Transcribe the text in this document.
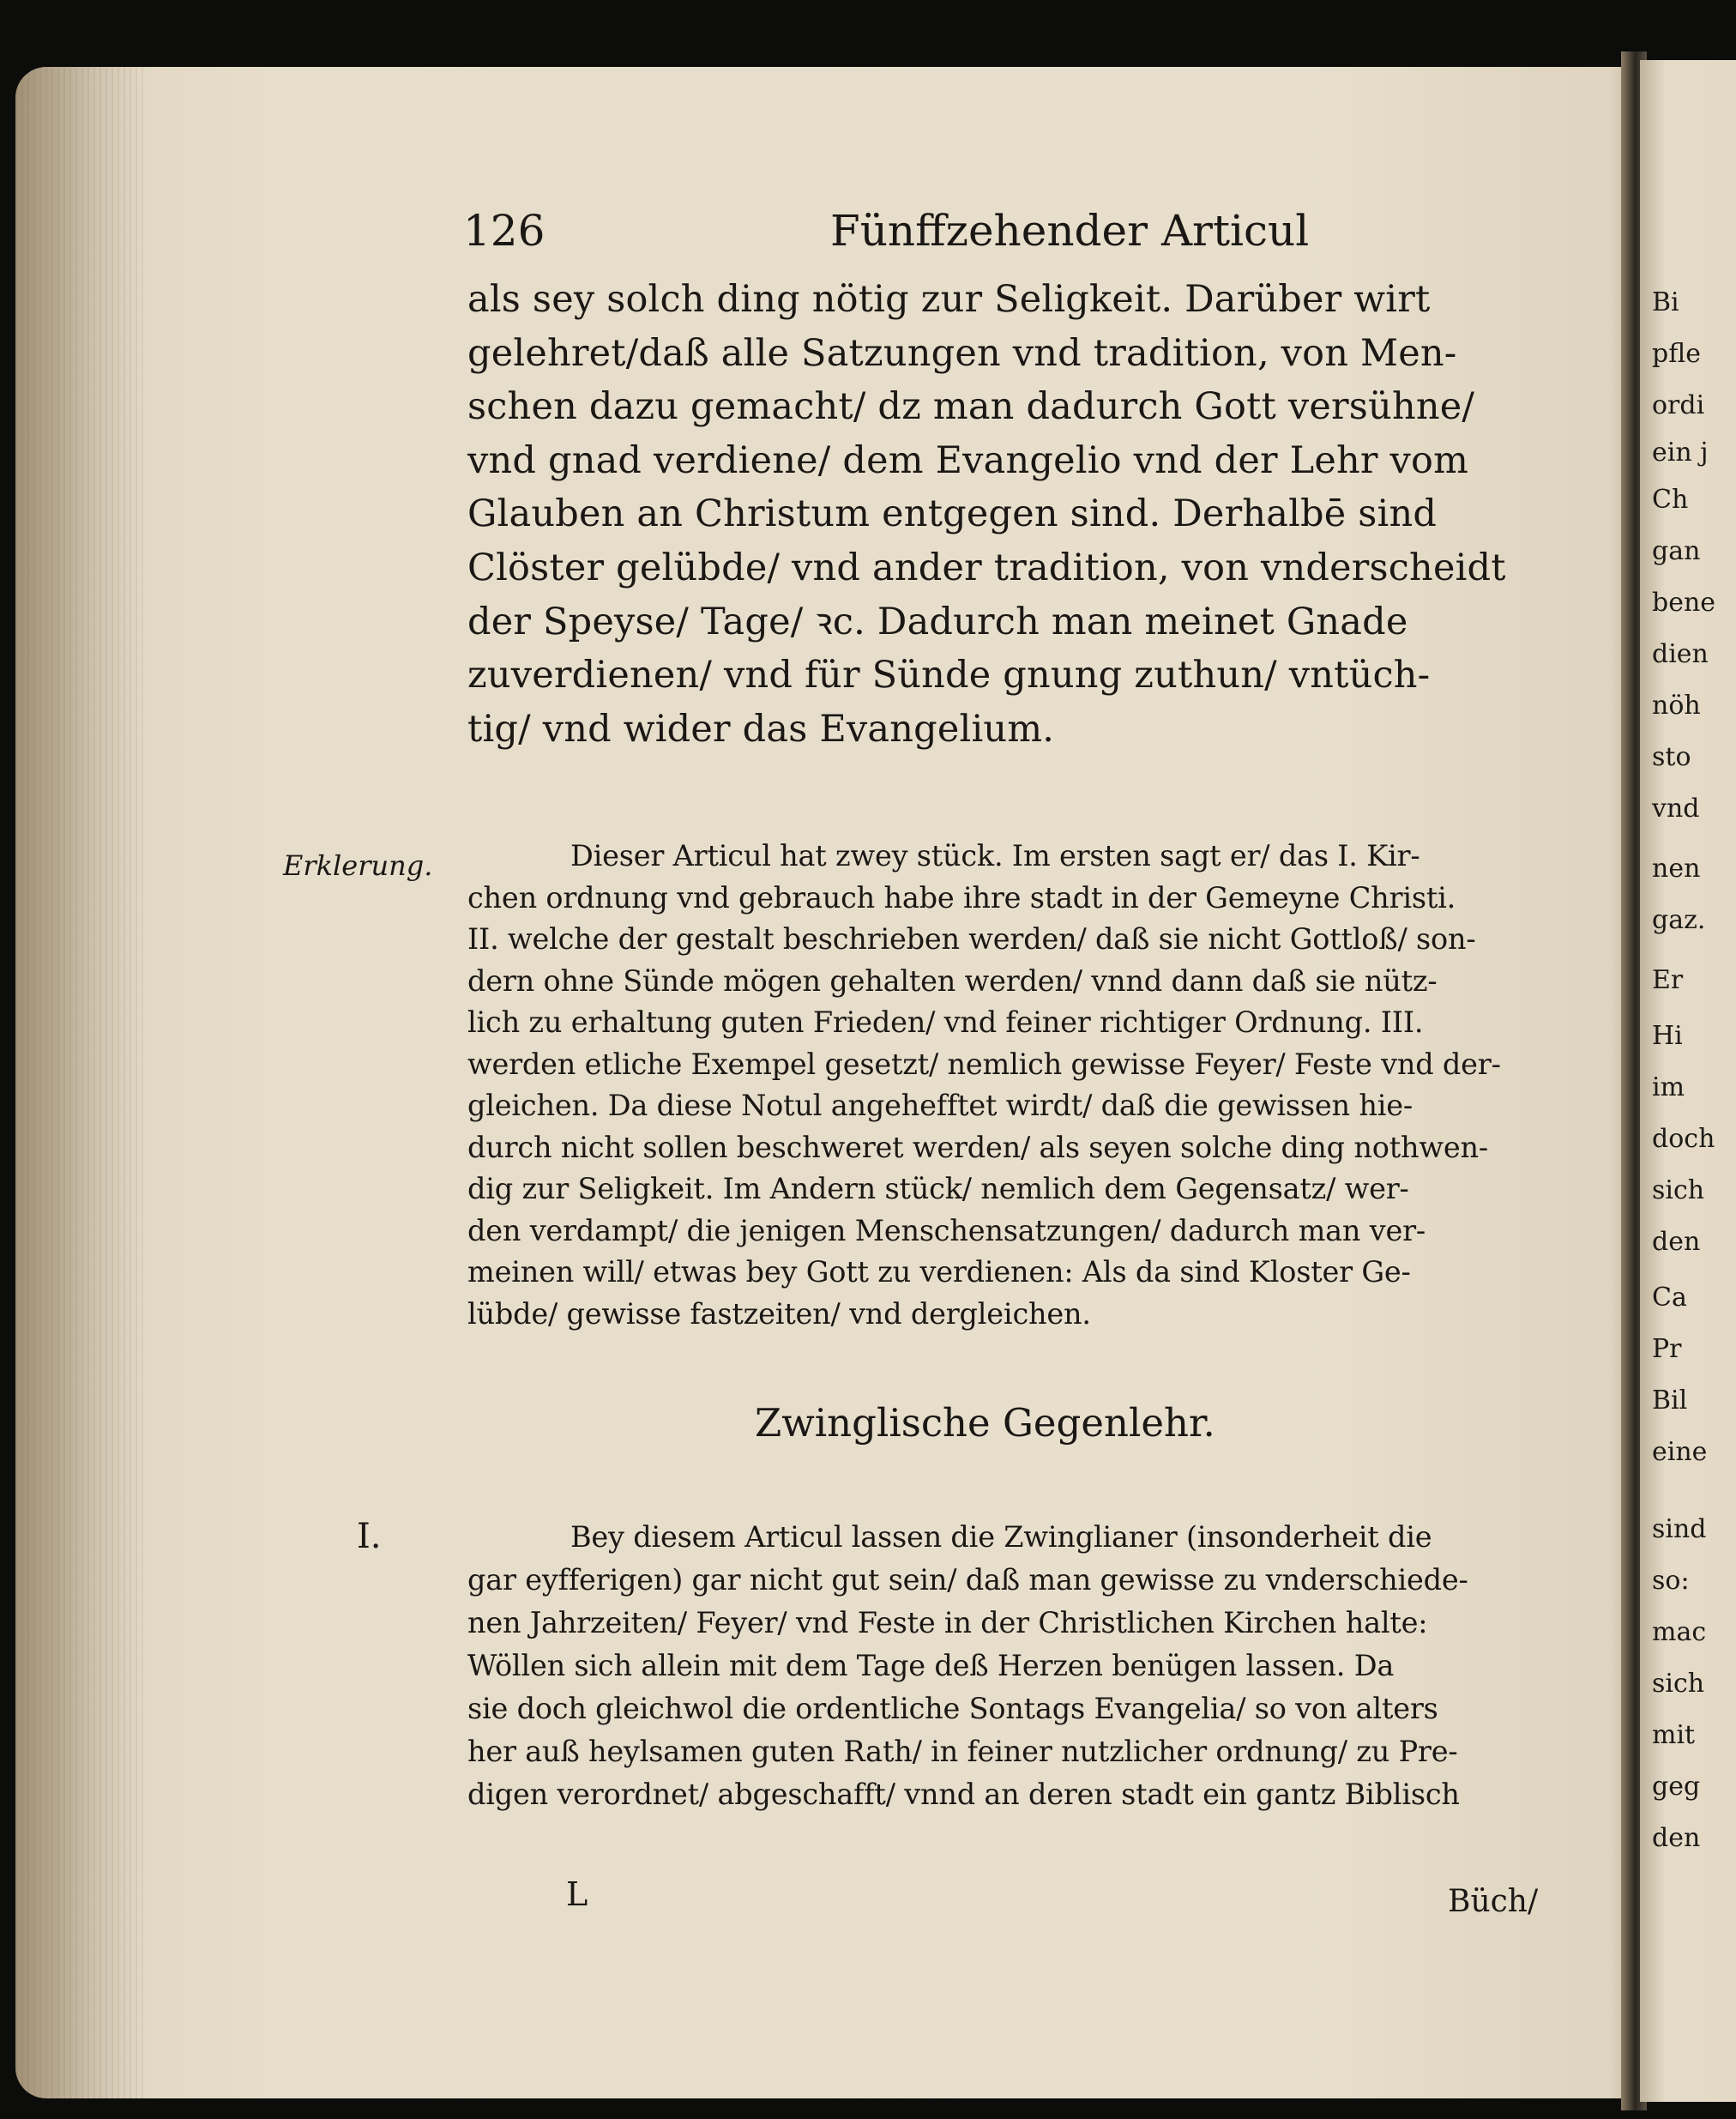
Bi
pfle
ordi
ein j
Ch
gan
bene
dien
nöh
sto
vnd
nen
gaz.
Er
Hi
im
doch
sich
den
Ca
Pr
Bil
eine
sind
so:
mac
sich
mit
geg
den
126	Fünffzehender Articul
als sey solch ding nötig zur Seligkeit. Darüber wirt
gelehret/daß alle Satzungen vnd tradition, von Men-
schen dazu gemacht/ dz man dadurch Gott versühne/
vnd gnad verdiene/ dem Evangelio vnd der Lehr vom
Glauben an Christum entgegen sind. Derhalbē sind
Clöster gelübde/ vnd ander tradition, von vnderscheidt
der Speyse/ Tage/ ꝛc. Dadurch man meinet Gnade
zuverdienen/ vnd für Sünde gnung zuthun/ vntüch-
tig/ vnd wider das Evangelium.
Erklerung.	Dieser Articul hat zwey stück. Im ersten sagt er/ das I. Kir-
chen ordnung vnd gebrauch habe ihre stadt in der Gemeyne Christi.
II. welche der gestalt beschrieben werden/ daß sie nicht Gottloß/ son-
dern ohne Sünde mögen gehalten werden/ vnnd dann daß sie nütz-
lich zu erhaltung guten Frieden/ vnd feiner richtiger Ordnung. III.
werden etliche Exempel gesetzt/ nemlich gewisse Feyer/ Feste vnd der-
gleichen. Da diese Notul angehefftet wirdt/ daß die gewissen hie-
durch nicht sollen beschweret werden/ als seyen solche ding nothwen-
dig zur Seligkeit. Im Andern stück/ nemlich dem Gegensatz/ wer-
den verdampt/ die jenigen Menschensatzungen/ dadurch man ver-
meinen will/ etwas bey Gott zu verdienen: Als da sind Kloster Ge-
lübde/ gewisse fastzeiten/ vnd dergleichen.
Zwinglische Gegenlehr.
I.	Bey diesem Articul lassen die Zwinglianer (insonderheit die
gar eyfferigen) gar nicht gut sein/ daß man gewisse zu vnderschiede-
nen Jahrzeiten/ Feyer/ vnd Feste in der Christlichen Kirchen halte:
Wöllen sich allein mit dem Tage deß Herzen benügen lassen. Da
sie doch gleichwol die ordentliche Sontags Evangelia/ so von alters
her auß heylsamen guten Rath/ in feiner nutzlicher ordnung/ zu Pre-
digen verordnet/ abgeschafft/ vnnd an deren stadt ein gantz Biblisch
L	Büch/
